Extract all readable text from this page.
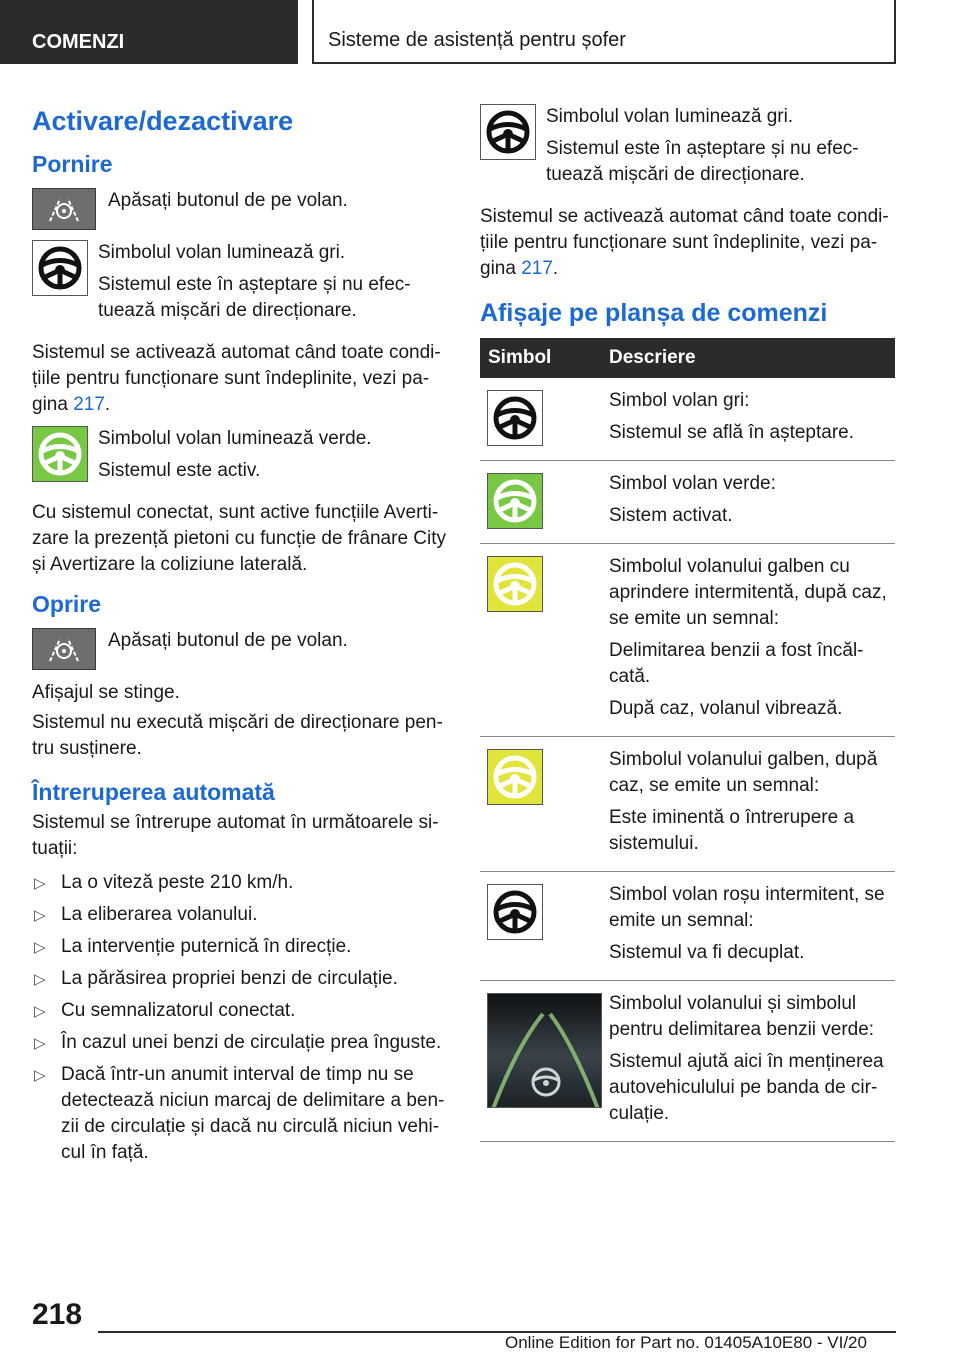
COMENZI	Sisteme de asistență pentru șofer
Activare/dezactivare
Pornire

Apăsați butonul de pe volan.

Simbolul volan luminează gri.

Sistemul este în așteptare și nu efec-tuează mișcări de direcționare.

Sistemul se activează automat când toate condi-țiile pentru funcționare sunt îndeplinite, vezi pa-gina 217.

Simbolul volan luminează verde.

Sistemul este activ.

Cu sistemul conectat, sunt active funcțiile Averti-zare la prezență pietoni cu funcție de frânare City și Avertizare la coliziune laterală.

Oprire

Apăsați butonul de pe volan.

Afișajul se stinge.

Sistemul nu execută mișcări de direcționare pen-tru susținere.

Întreruperea automată

Sistemul se întrerupe automat în următoarele si-tuații:

▷ La o viteză peste 210 km/h.
▷ La eliberarea volanului.
▷ La intervenție puternică în direcție.
▷ La părăsirea propriei benzi de circulație.
▷ Cu semnalizatorul conectat.
▷ În cazul unei benzi de circulație prea înguste.
▷ Dacă într-un anumit interval de timp nu se detectează niciun marcaj de delimitare a ben-zii de circulație și dacă nu circulă niciun vehi-cul în față.

Simbolul volan luminează gri.

Sistemul este în așteptare și nu efec-tuează mișcări de direcționare.

Sistemul se activează automat când toate condi-țiile pentru funcționare sunt îndeplinite, vezi pa-gina 217.

Afișaje pe planșa de comenzi
Simbol	Descriere

Simbol volan gri:

Sistemul se află în așteptare.

Simbol volan verde:

Sistem activat.

Simbolul volanului galben cu aprindere intermitentă, după caz, se emite un semnal:

Delimitarea benzii a fost încăl-cată.

După caz, volanul vibrează.

Simbolul volanului galben, după caz, se emite un semnal:

Este iminentă o întrerupere a sistemului.

Simbol volan roșu intermitent, se emite un semnal:

Sistemul va fi decuplat.

Simbolul volanului și simbolul pentru delimitarea benzii verde:

Sistemul ajută aici în menținerea autovehiculului pe banda de cir-culație.

218
Online Edition for Part no. 01405A10E80 - VI/20
